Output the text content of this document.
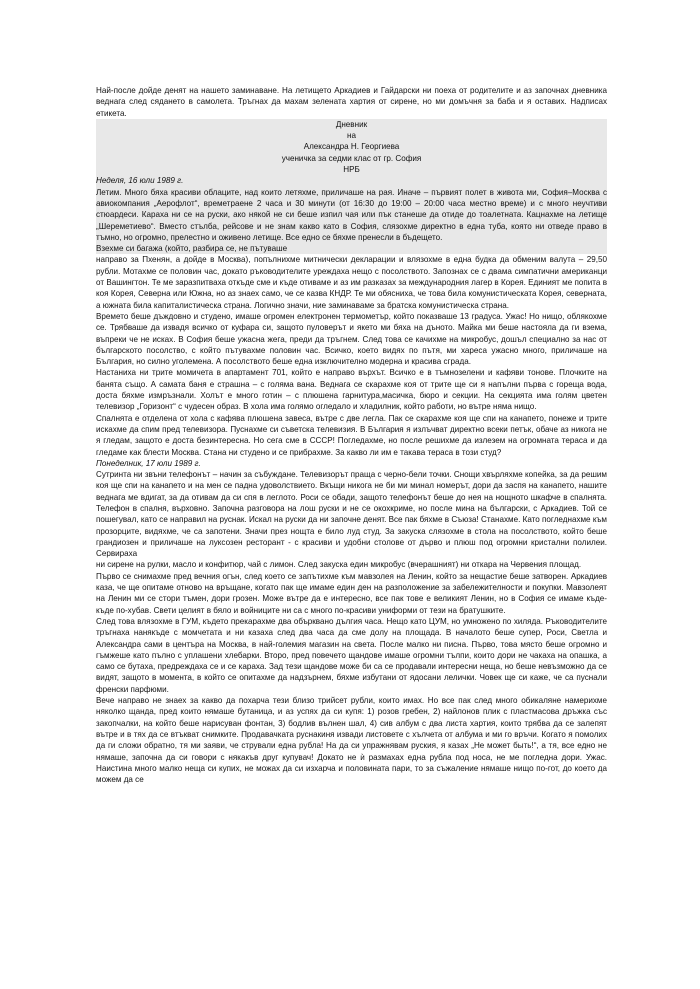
Най-после дойде денят на нашето заминаване. На летището Аркадиев и Гайдарски ни поеха от родителите и аз започнах дневника веднага след сядането в самолета. Тръгнах да махам зелената хартия от сирене, но ми домъчня за баба и я оставих. Надписах етикета.

Дневник

на

Александра Н. Георгиева

ученичка за седми клас от гр. София

НРБ

Неделя, 16 юли 1989 г.

Летим. Много бяха красиви облаците, над които летяхме, приличаше на рая. Иначе – първият полет в живота ми, София–Москва с авиокомпания „Аерофлот“, времетраене 2 часа и 30 минути (от 16:30 до 19:00 – 20:00 часа местно време) и с много неучтиви стюардеси. Караха ни се на руски, ако някой не си беше изпил чая или пък станеше да отиде до тоалетната. Кацнахме на летище „Шереметиево“. Вместо стълба, рейсове и не знам какво като в София, слязохме директно в една туба, която ни отведе право в тъмно, но огромно, прелестно и оживено летище. Все едно се бяхме пренесли в бъдещето.

Взехме си багажа (който, разбира се, не пътуваше

направо за Пхенян, а дойде в Москва), попълнихме митнически декларации и влязохме в една будка да обменим валута – 29,50 рубли. Мотахме се половин час, докато ръководителите уреждаха нещо с посолството. Запознах се с двама симпатични американци от Вашингтон. Те ме заразпитваха откъде сме и къде отиваме и аз им разказах за международния лагер в Корея. Единият ме попита в коя Корея, Северна или Южна, но аз знаех само, че се казва КНДР. Те ми обясниха, че това била комунистическата Корея, северната, а южната била капиталистическа страна. Логично значи, ние заминаваме за братска комунистическа страна.

Времето беше дъждовно и студено, имаше огромен електронен термометър, който показваше 13 градуса. Ужас! Но нищо, облякохме се. Трябваше да извадя всичко от куфара си, защото пуловерът и якето ми бяха на дъното. Майка ми беше настояла да ги взема, въпреки че не исках. В София беше ужасна жега, преди да тръгнем. След това се качихме на микробус, дошъл специално за нас от българското посолство, с който пътувахме половин час. Всичко, което видях по пътя, ми хареса ужасно много, приличаше на България, но силно уголемена. А посолството беше една изключително модерна и красива сграда.

Настаниха ни трите момичета в апартамент 701, който е направо върхът. Всичко е в тъмнозелени и кафяви тонове. Плочките на банята също. А самата баня е страшна – с голяма вана. Веднага се скарахме коя от трите ще си я напълни първа с гореща вода, доста бяхме измръзнали. Холът е много готин – с плюшена гарнитура,масичка, бюро и секции. На секцията има голям цветен телевизор „Горизонт“ с чудесен образ. В хола има голямо огледало и хладилник, който работи, но вътре няма нищо.

Спалнята е отделена от хола с кафява плюшена завеса, вътре с две легла. Пак се скарахме коя ще спи на канапето, понеже и трите искахме да спим пред телевизора. Пуснахме си съветска телевизия. В България я излъчват директно всеки петък, обаче аз никога не я гледам, защото е доста безинтересна. Но сега сме в СССР! Погледахме, но после решихме да излезем на огромната тераса и да гледаме как блести Москва. Стана ни студено и се прибрахме. За какво ли им е такава тераса в този студ?

Понеделник, 17 юли 1989 г.

Сутринта ни звъни телефонът – начин за събуждане. Телевизорът праща с черно-бели точки. Снощи хвърляхме копейка, за да решим коя ще спи на канапето и на мен се падна удоволствието. Вкъщи никога не би ми минал номерът, дори да заспя на канапето, нашите веднага ме вдигат, за да отивам да си спя в леглото. Роси се обади, защото телефонът беше до нея на нощното шкафче в спалнята. Телефон в спалня, върховно. Започна разговора на лош руски и не се окохкриме, но после мина на български, с Аркадиев. Той се пошегувал, като се направил на руснак. Искал на руски да ни започне денят. Все пак бяхме в Съюза! Станахме. Като погледнахме към прозорците, видяхме, че са запотени. Значи през нощта е било луд студ. За закуска слязохме в стола на посолството, който беше грандиозен и приличаше на луксозен ресторант - с красиви и удобни столове от дърво и плюш под огромни кристални полилеи. Сервираха

ни сирене на рулки, масло и конфитюр, чай с лимон. След закуска един микробус (вчерашният) ни откара на Червения площад.

Първо се снимахме пред вечния огън, след което се запътихме към мавзолея на Ленин, който за нещастие беше затворен. Аркадиев каза, че ще опитаме отново на връщане, когато пак ще имаме един ден на разположение за забележителности и покупки. Мавзолеят на Ленин ми се стори тъмен, дори грозен. Може вътре да е интересно, все пак тове е великият Ленин, но в София се имаме къде-къде по-хубав. Свети целият в бяло и войниците ни са с много по-красиви униформи от тези на братушките.

След това влязохме в ГУМ, където прекарахме два обърквано дългия часа. Нещо като ЦУМ, но умножено по хиляда. Ръководителите тръгнаха нанякъде с момчетата и ни казаха след два часа да сме долу на площада. В началото беше супер, Роси, Светла и Александра сами в центъра на Москва, в най-големия магазин на света. После малко ни писна. Първо, това място беше огромно и гъмжеше като пълно с уплашени хлебарки. Второ, пред повечето щандове имаше огромни тълпи, които дори не чакаха на опашка, а само се бутаха, предреждаха се и се караха. Зад тези щандове може би са се продавали интересни неща, но беше невъзможно да се видят, защото в момента, в който се опитахме да надзърнем, бяхме избутани от ядосани лелички. Човек ще си каже, че са пуснали френски парфюми.

Вече направо не знаех за какво да похарча тези близо трийсет рубли, които имах. Но все пак след много обикаляне намерихме няколко щанда, пред които нямаше бутаница, и аз успях да си купя: 1) розов гребен, 2) найлонов плик с пластмасова дръжка със закопчалки, на който беше нарисуван фонтан, 3) бодлив вълнен шал, 4) сив албум с два листа хартия, които трябва да се залепят вътре и в тях да се втъкват снимките. Продавачката руснакиня извади листовете с хълчета от албума и ми го връчи. Когато я помолих да ги сложи обратно, тя ми заяви, че стрували една рубла! На да си упражнявам руския, я казах „Не может быть!“, а тя, все едно не нямаше, започна да си говори с някакъв друг купувач! Докато не ѝ размахах една рубла под носа, не ме погледна дори. Ужас. Наистина много малко неща си купих, не можах да си изхарча и половината пари, то за съжаление нямаше нищо по-гот, до което да можем да се
